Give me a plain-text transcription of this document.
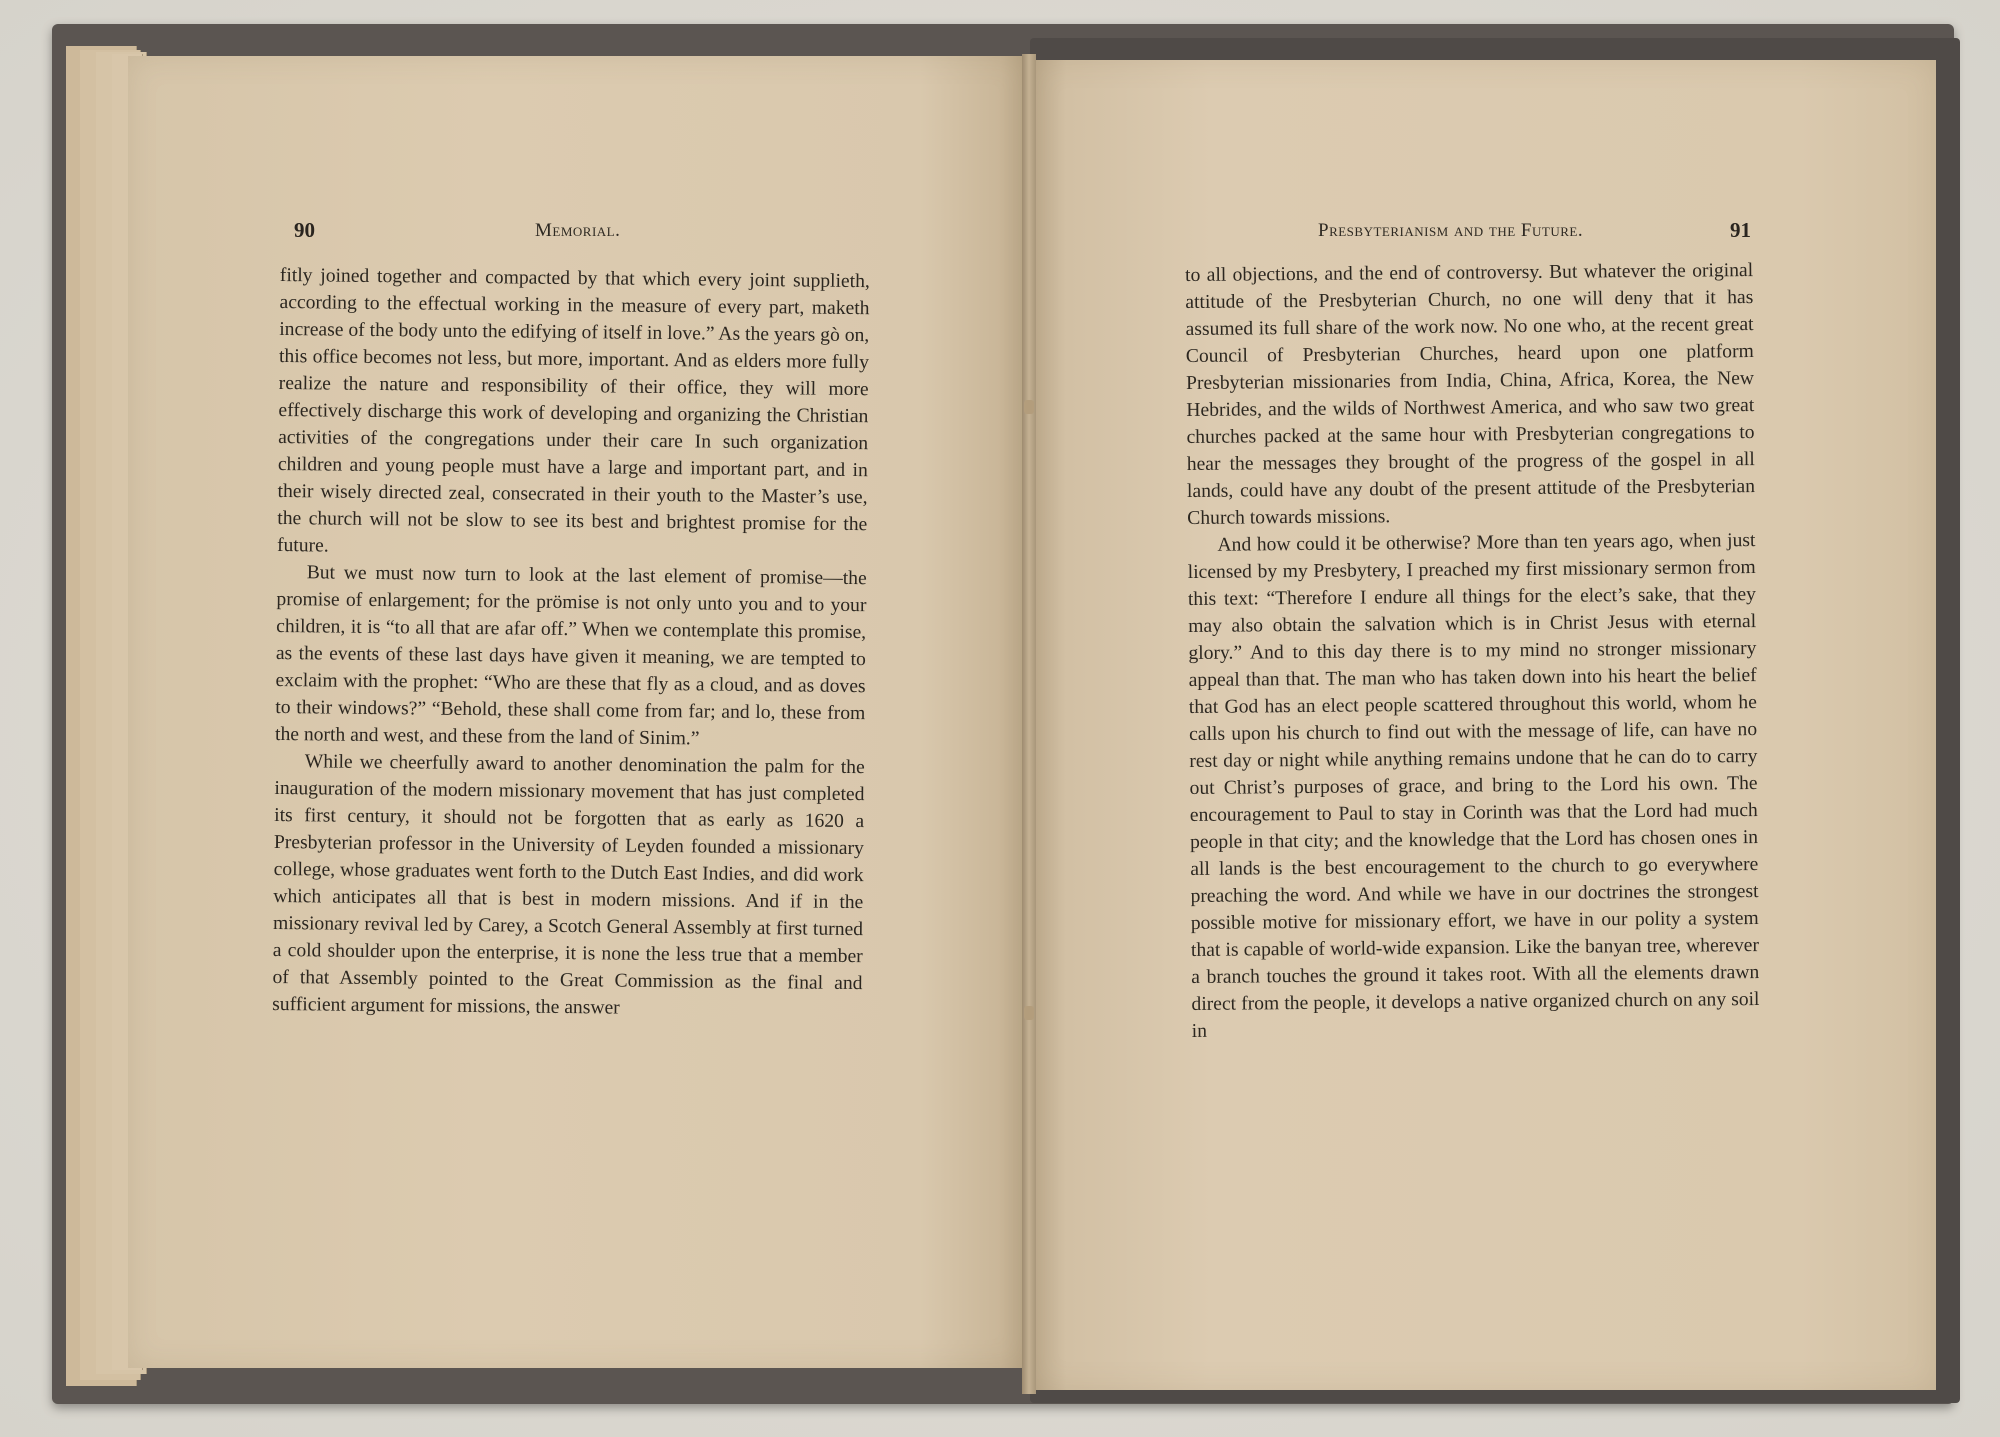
90	Memorial.

fitly joined together and compacted by that which every joint supplieth, according to the effectual working in the measure of every part, maketh increase of the body unto the edifying of itself in love.” As the years gò on, this office becomes not less, but more, important. And as elders more fully realize the nature and responsibility of their office, they will more effectively discharge this work of developing and organizing the Christian activities of the congregations under their care In such organization children and young people must have a large and important part, and in their wisely directed zeal, consecrated in their youth to the Master’s use, the church will not be slow to see its best and brightest promise for the future.

But we must now turn to look at the last element of promise—the promise of enlargement; for the prömise is not only unto you and to your children, it is “to all that are afar off.” When we contemplate this promise, as the events of these last days have given it meaning, we are tempted to exclaim with the prophet: “Who are these that fly as a cloud, and as doves to their windows?” “Behold, these shall come from far; and lo, these from the north and west, and these from the land of Sinim.”

While we cheerfully award to another denomination the palm for the inauguration of the modern missionary movement that has just completed its first century, it should not be forgotten that as early as 1620 a Presbyterian professor in the University of Leyden founded a missionary college, whose graduates went forth to the Dutch East Indies, and did work which anticipates all that is best in modern missions. And if in the missionary revival led by Carey, a Scotch General Assembly at first turned a cold shoulder upon the enterprise, it is none the less true that a member of that Assembly pointed to the Great Commission as the final and sufficient argument for missions, the answer

Presbyterianism and the Future.	91

to all objections, and the end of controversy. But whatever the original attitude of the Presbyterian Church, no one will deny that it has assumed its full share of the work now. No one who, at the recent great Council of Presbyterian Churches, heard upon one platform Presbyterian missionaries from India, China, Africa, Korea, the New Hebrides, and the wilds of Northwest America, and who saw two great churches packed at the same hour with Presbyterian congregations to hear the messages they brought of the progress of the gospel in all lands, could have any doubt of the present attitude of the Presbyterian Church towards missions.

And how could it be otherwise? More than ten years ago, when just licensed by my Presbytery, I preached my first missionary sermon from this text: “Therefore I endure all things for the elect’s sake, that they may also obtain the salvation which is in Christ Jesus with eternal glory.” And to this day there is to my mind no stronger missionary appeal than that. The man who has taken down into his heart the belief that God has an elect people scattered throughout this world, whom he calls upon his church to find out with the message of life, can have no rest day or night while anything remains undone that he can do to carry out Christ’s purposes of grace, and bring to the Lord his own. The encouragement to Paul to stay in Corinth was that the Lord had much people in that city; and the knowledge that the Lord has chosen ones in all lands is the best encouragement to the church to go everywhere preaching the word. And while we have in our doctrines the strongest possible motive for missionary effort, we have in our polity a system that is capable of world-wide expansion. Like the banyan tree, wherever a branch touches the ground it takes root. With all the elements drawn direct from the people, it develops a native organized church on any soil in
